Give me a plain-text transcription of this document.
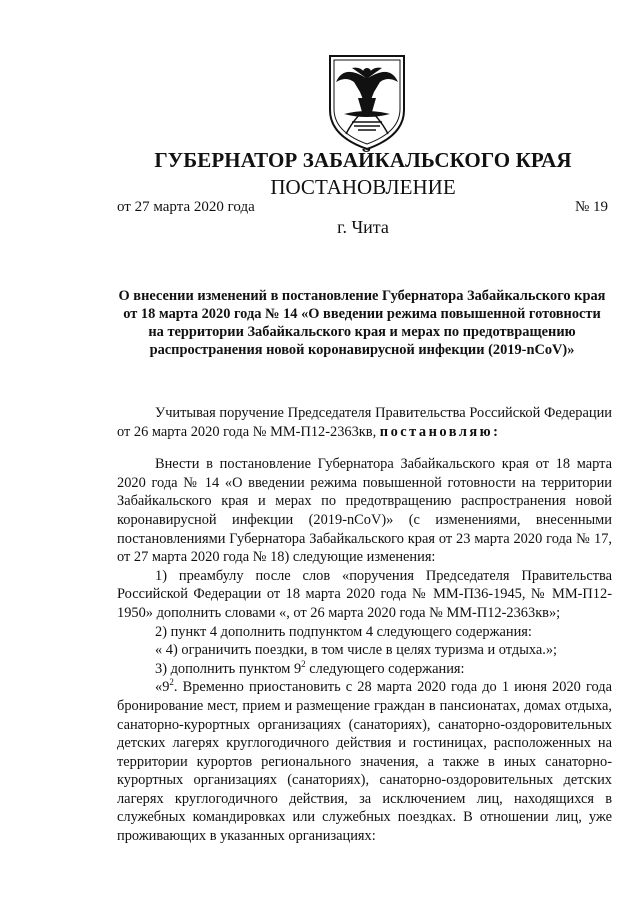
ГУБЕРНАТОР ЗАБАЙКАЛЬСКОГО КРАЯ
ПОСТАНОВЛЕНИЕ
от 27 марта 2020 года	№ 19
г. Чита
О внесении изменений в постановление Губернатора Забайкальского края от 18 марта 2020 года № 14 «О введении режима повышенной готовности на территории Забайкальского края и мерах по предотвращению распространения новой коронавирусной инфекции (2019-nCoV)»

Учитывая поручение Председателя Правительства Российской Федерации от 26 марта 2020 года № ММ-П12-2363кв, постановляю:

Внести в постановление Губернатора Забайкальского края от 18 марта 2020 года № 14 «О введении режима повышенной готовности на территории Забайкальского края и мерах по предотвращению распространения новой коронавирусной инфекции (2019-nCoV)» (с изменениями, внесенными постановлениями Губернатора Забайкальского края от 23 марта 2020 года № 17, от 27 марта 2020 года № 18) следующие изменения:

1) преамбулу после слов «поручения Председателя Правительства Российской Федерации от 18 марта 2020 года № ММ-П36-1945, № ММ-П12-1950» дополнить словами «, от 26 марта 2020 года № ММ-П12-2363кв»;

2) пункт 4 дополнить подпунктом 4 следующего содержания:

« 4) ограничить поездки, в том числе в целях туризма и отдыха.»;

3) дополнить пунктом $9^2$ следующего содержания:

«$9^2$. Временно приостановить с 28 марта 2020 года до 1 июня 2020 года бронирование мест, прием и размещение граждан в пансионатах, домах отдыха, санаторно-курортных организациях (санаториях), санаторно-оздоровительных детских лагерях круглогодичного действия и гостиницах, расположенных на территории курортов регионального значения, а также в иных санаторно-курортных организациях (санаториях), санаторно-оздоровительных детских лагерях круглогодичного действия, за исключением лиц, находящихся в служебных командировках или служебных поездках. В отношении лиц, уже проживающих в указанных организациях:
